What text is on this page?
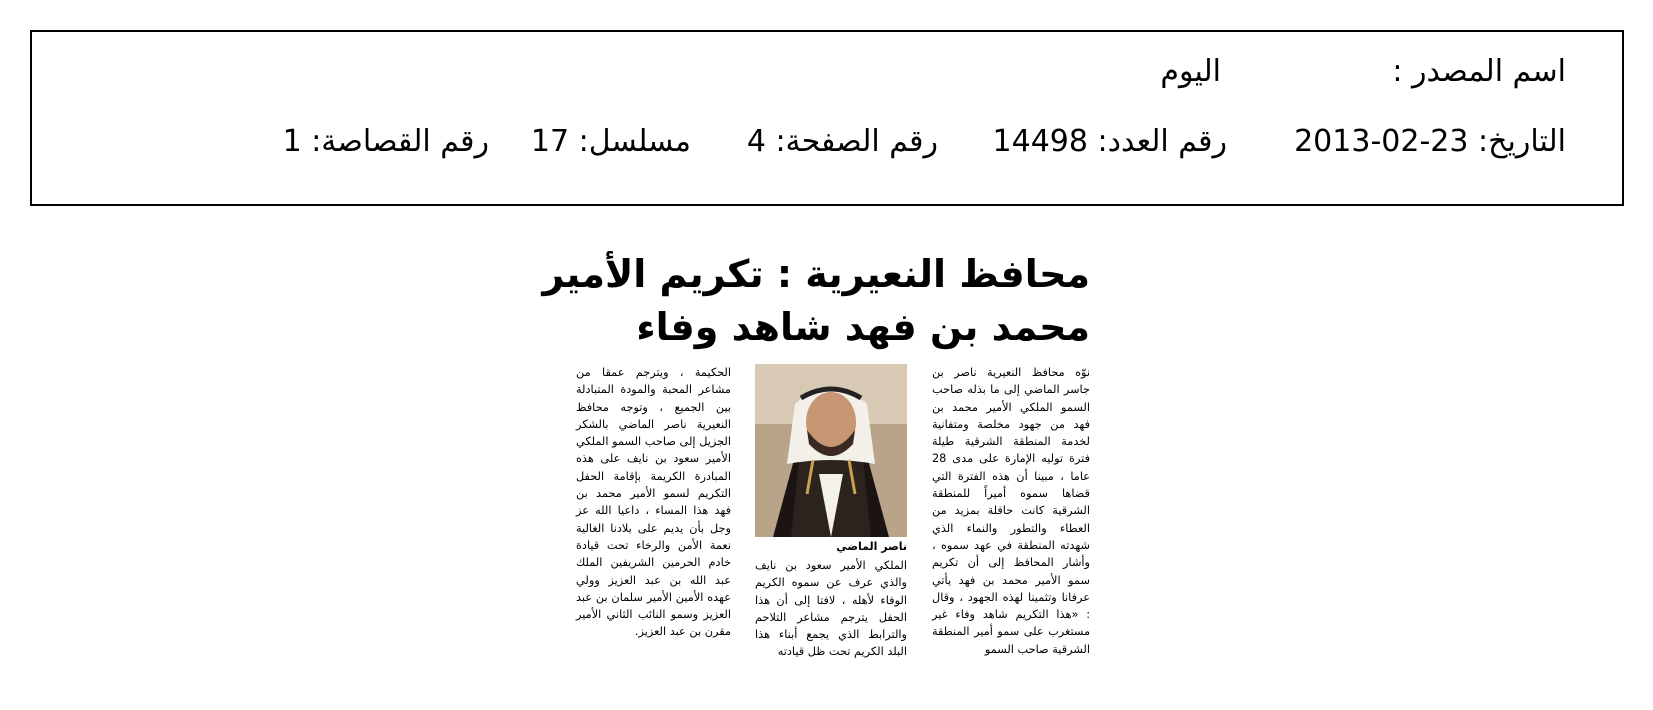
اسم المصدر :
اليوم
التاريخ: 23-02-2013
رقم العدد: 14498
رقم الصفحة: 4
مسلسل: 17
رقم القصاصة: 1
محافظ النعيرية : تكريم الأمير
محمد بن فهد شاهد وفاء
نوّه محافظ النعيرية ناصر بن جاسر الماضي إلى ما بذله صاحب السمو الملكي الأمير محمد بن فهد من جهود مخلصة ومتفانية لخدمة المنطقة الشرقية طيلة فترة توليه الإمارة على مدى 28 عاما ، مبينا أن هذه الفترة التي قضاها سموه أميراً للمنطقة الشرقية كانت حافلة بمزيد من العطاء والتطور والنماء الذي شهدته المنطقة في عهد سموه ، وأشار المحافظ إلى أن تكريم سمو الأمير محمد بن فهد يأتي عرفانا وتثمينا لهذه الجهود ، وقال : «هذا التكريم شاهد وفاء غير مستغرب على سمو أمير المنطقة الشرقية صاحب السمو
ناصر الماضي
الملكي الأمير سعود بن نايف والذي عرف عن سموه الكريم الوفاء لأهله ، لافتا إلى أن هذا الحفل يترجم مشاعر التلاحم والترابط الذي يجمع أبناء هذا البلد الكريم تحت ظل قيادته
الحكيمة ، ويترجم عمقا من مشاعر المحبة والمودة المتبادلة بين الجميع ، وتوجه محافظ النعيرية ناصر الماضي بالشكر الجزيل إلى صاحب السمو الملكي الأمير سعود بن نايف على هذه المبادرة الكريمة بإقامة الحفل التكريم لسمو الأمير محمد بن فهد هذا المساء ، داعيا الله عز وجل بأن يديم على بلادنا الغالية نعمة الأمن والرخاء تحت قيادة خادم الحرمين الشريفين الملك عبد الله بن عبد العزيز وولي عهده الأمين الأمير سلمان بن عبد العزيز وسمو النائب الثاني الأمير مقرن بن عبد العزيز.
